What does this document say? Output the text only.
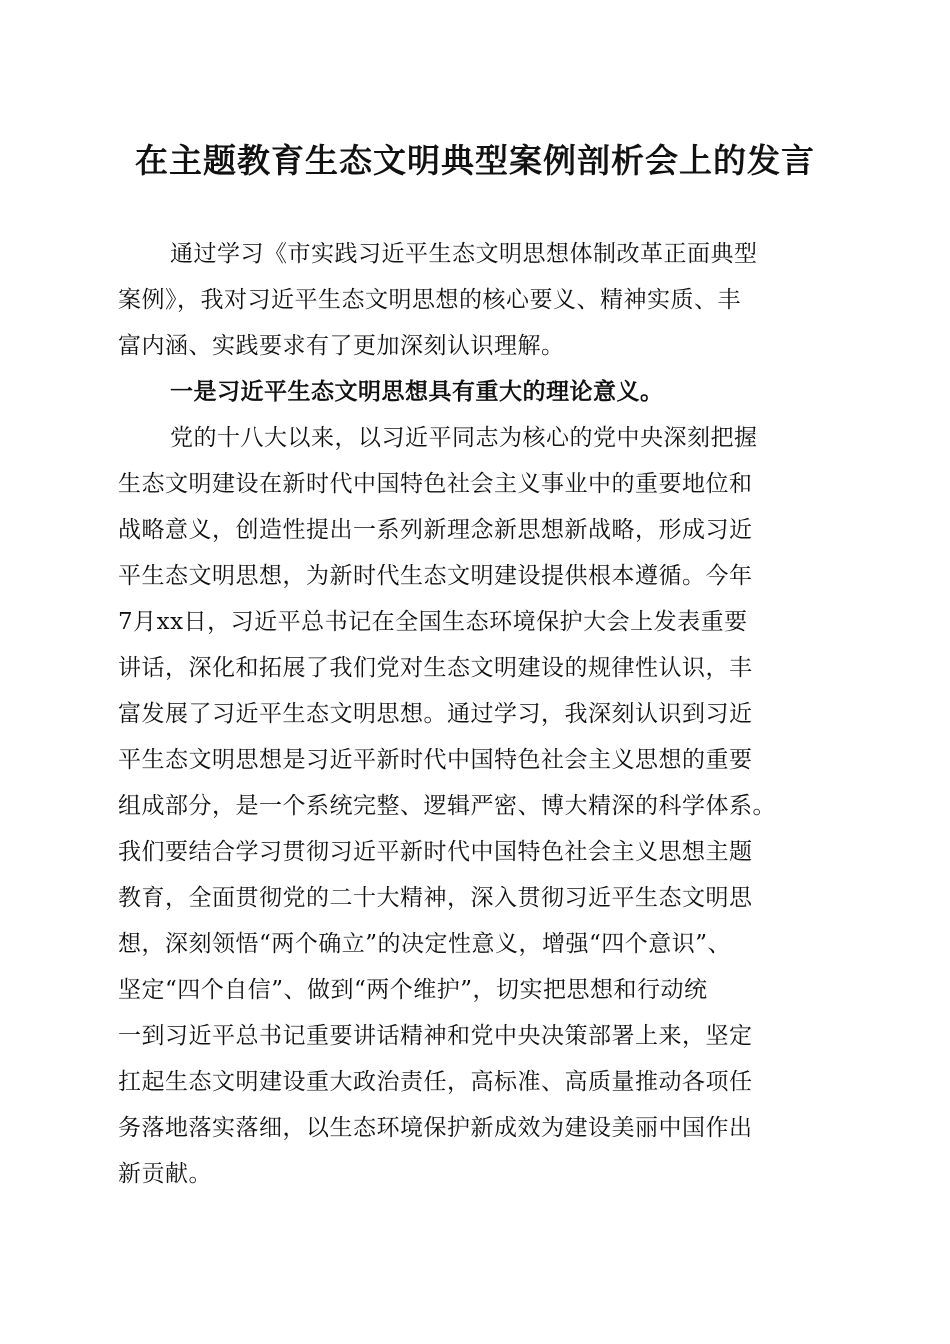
在主题教育生态文明典型案例剖析会上的发言
通过学习《市实践习近平生态文明思想体制改革正面典型
案例》，我对习近平生态文明思想的核心要义、精神实质、丰
富内涵、实践要求有了更加深刻认识理解。
一是习近平生态文明思想具有重大的理论意义。
党的十八大以来，以习近平同志为核心的党中央深刻把握
生态文明建设在新时代中国特色社会主义事业中的重要地位和
战略意义，创造性提出一系列新理念新思想新战略，形成习近
平生态文明思想，为新时代生态文明建设提供根本遵循。今年
7月xx日，习近平总书记在全国生态环境保护大会上发表重要
讲话，深化和拓展了我们党对生态文明建设的规律性认识，丰
富发展了习近平生态文明思想。通过学习，我深刻认识到习近
平生态文明思想是习近平新时代中国特色社会主义思想的重要
组成部分，是一个系统完整、逻辑严密、博大精深的科学体系。
我们要结合学习贯彻习近平新时代中国特色社会主义思想主题
教育，全面贯彻党的二十大精神，深入贯彻习近平生态文明思
想，深刻领悟“两个确立”的决定性意义，增强“四个意识”、
坚定“四个自信”、做到“两个维护”，切实把思想和行动统
一到习近平总书记重要讲话精神和党中央决策部署上来，坚定
扛起生态文明建设重大政治责任，高标准、高质量推动各项任
务落地落实落细，以生态环境保护新成效为建设美丽中国作出
新贡献。
